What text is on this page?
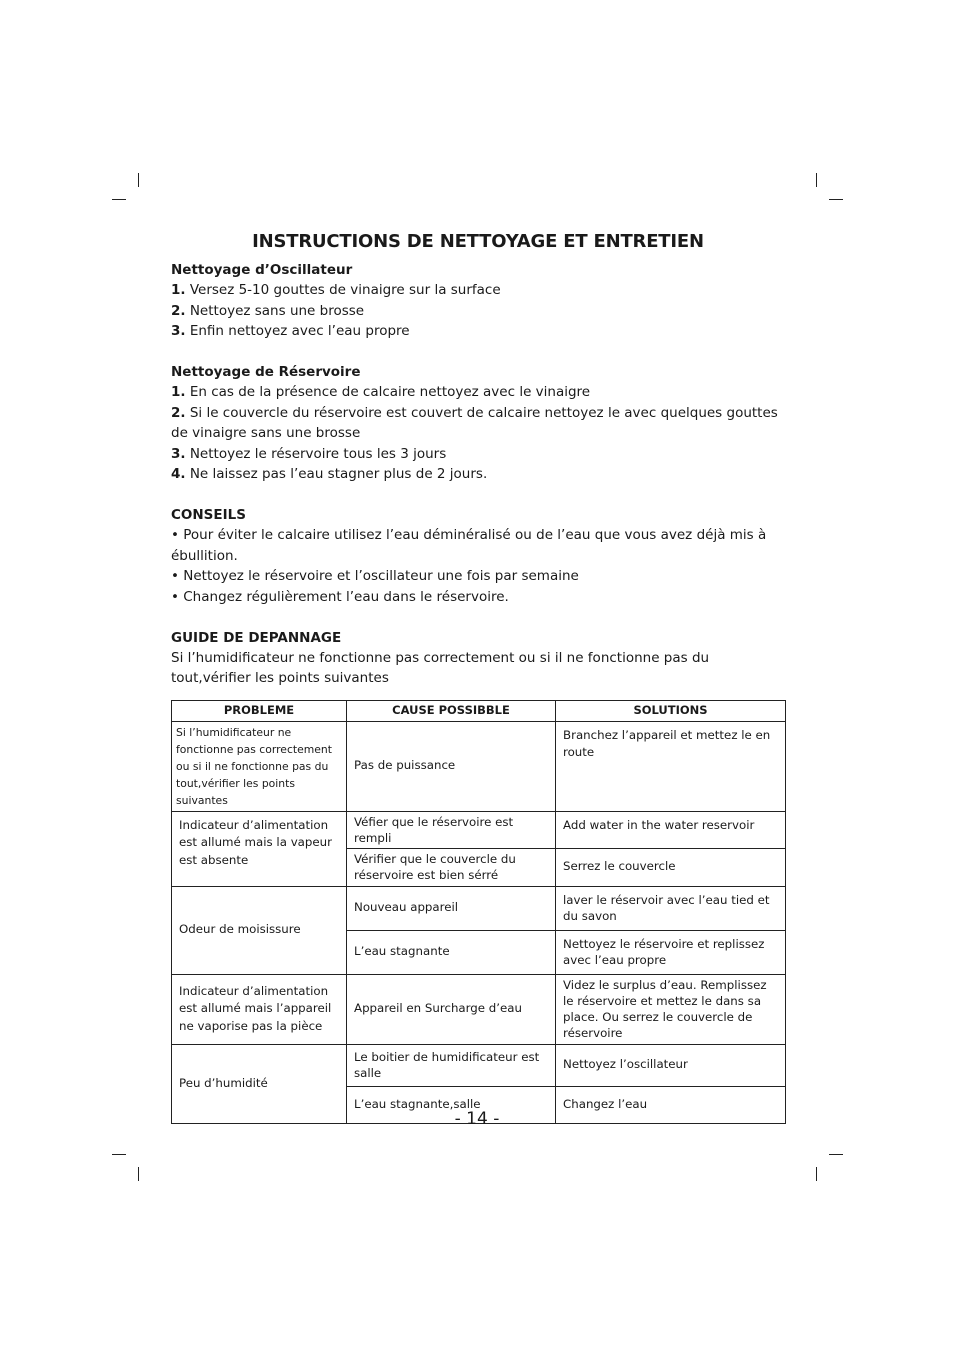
INSTRUCTIONS DE NETTOYAGE ET ENTRETIEN

Nettoyage d’Oscillateur

1. Versez 5-10 gouttes de vinaigre sur la surface

2. Nettoyez sans une brosse

3. Enfin nettoyez avec l’eau propre

Nettoyage de Réservoire

1. En cas de la présence de calcaire nettoyez avec le vinaigre

2. Si le couvercle du réservoire est couvert de calcaire nettoyez le avec quelques gouttes de vinaigre sans une brosse

3. Nettoyez le réservoire tous les 3 jours

4. Ne laissez pas l’eau stagner plus de 2 jours.

CONSEILS

• Pour éviter le calcaire utilisez l’eau déminéralisé ou de l’eau que vous avez déjà mis à ébullition.

• Nettoyez le réservoire et l’oscillateur une fois par semaine

• Changez régulièrement l’eau dans le réservoire.

GUIDE DE DEPANNAGE

Si l’humidificateur ne fonctionne pas correctement ou si il ne fonctionne pas du tout,vérifier les points suivantes

PROBLEME	CAUSE POSSIBBLE	SOLUTIONS
Si l’humidificateur ne fonctionne pas correctement ou si il ne fonctionne pas du tout,vérifier les points suivantes	Pas de puissance	Branchez l’appareil et mettez le en route
Indicateur d’alimentation est allumé mais la vapeur est absente	Véfier que le réservoire est rempli	Add water in the water reservoir
	Vérifier que le couvercle du réservoire est bien sérré	Serrez le couvercle
Odeur de moisissure	Nouveau appareil	laver le réservoir avec l’eau tied et du savon
	L’eau stagnante	Nettoyez le réservoire et replissez avec l’eau propre
Indicateur d’alimentation est allumé mais l’appareil ne vaporise pas la pièce	Appareil en Surcharge d’eau	Videz le surplus d’eau. Remplissez le réservoire et mettez le dans sa place. Ou serrez le couvercle de réservoire
Peu d’humidité	Le boitier de humidificateur est salle	Nettoyez l’oscillateur
	L’eau stagnante,salle	Changez l’eau
- 14 -
